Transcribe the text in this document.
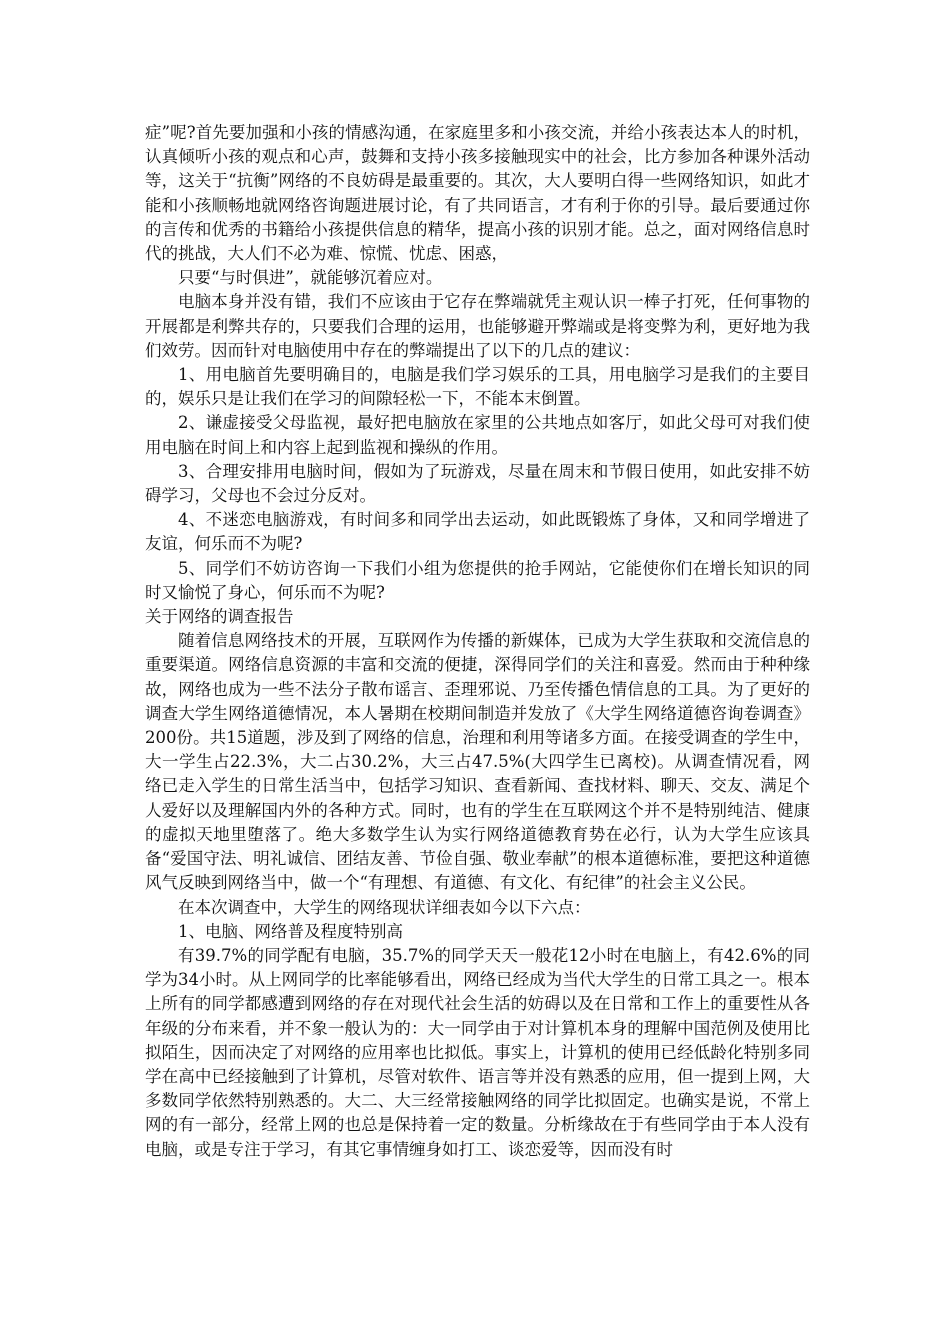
症”呢?首先要加强和小孩的情感沟通，在家庭里多和小孩交流，并给小孩表达本人的时机，认真倾听小孩的观点和心声，鼓舞和支持小孩多接触现实中的社会，比方参加各种课外活动等，这关于“抗衡”网络的不良妨碍是最重要的。其次，大人要明白得一些网络知识，如此才能和小孩顺畅地就网络咨询题进展讨论，有了共同语言，才有利于你的引导。最后要通过你的言传和优秀的书籍给小孩提供信息的精华，提高小孩的识别才能。总之，面对网络信息时代的挑战，大人们不必为难、惊慌、忧虑、困惑，

只要“与时俱进”，就能够沉着应对。

电脑本身并没有错，我们不应该由于它存在弊端就凭主观认识一棒子打死，任何事物的开展都是利弊共存的，只要我们合理的运用，也能够避开弊端或是将变弊为利，更好地为我们效劳。因而针对电脑使用中存在的弊端提出了以下的几点的建议：

1、用电脑首先要明确目的，电脑是我们学习娱乐的工具，用电脑学习是我们的主要目的，娱乐只是让我们在学习的间隙轻松一下，不能本末倒置。

2、谦虚接受父母监视，最好把电脑放在家里的公共地点如客厅，如此父母可对我们使用电脑在时间上和内容上起到监视和操纵的作用。

3、合理安排用电脑时间，假如为了玩游戏，尽量在周末和节假日使用，如此安排不妨碍学习，父母也不会过分反对。

4、不迷恋电脑游戏，有时间多和同学出去运动，如此既锻炼了身体，又和同学增进了友谊，何乐而不为呢?

5、同学们不妨访咨询一下我们小组为您提供的抢手网站，它能使你们在增长知识的同时又愉悦了身心，何乐而不为呢?

关于网络的调查报告

随着信息网络技术的开展，互联网作为传播的新媒体，已成为大学生获取和交流信息的重要渠道。网络信息资源的丰富和交流的便捷，深得同学们的关注和喜爱。然而由于种种缘故，网络也成为一些不法分子散布谣言、歪理邪说、乃至传播色情信息的工具。为了更好的调查大学生网络道德情况，本人暑期在校期间制造并发放了《大学生网络道德咨询卷调查》200份。共15道题，涉及到了网络的信息，治理和利用等诸多方面。在接受调查的学生中，大一学生占22.3%，大二占30.2%，大三占47.5%(大四学生已离校)。从调查情况看，网络已走入学生的日常生活当中，包括学习知识、查看新闻、查找材料、聊天、交友、满足个人爱好以及理解国内外的各种方式。同时，也有的学生在互联网这个并不是特别纯洁、健康的虚拟天地里堕落了。绝大多数学生认为实行网络道德教育势在必行，认为大学生应该具备“爱国守法、明礼诚信、团结友善、节俭自强、敬业奉献”的根本道德标准，要把这种道德风气反映到网络当中，做一个“有理想、有道德、有文化、有纪律”的社会主义公民。

在本次调查中，大学生的网络现状详细表如今以下六点：

1、电脑、网络普及程度特别高

有39.7%的同学配有电脑，35.7%的同学天天一般花12小时在电脑上，有42.6%的同学为34小时。从上网同学的比率能够看出，网络已经成为当代大学生的日常工具之一。根本上所有的同学都感遭到网络的存在对现代社会生活的妨碍以及在日常和工作上的重要性从各年级的分布来看，并不象一般认为的：大一同学由于对计算机本身的理解中国范例及使用比拟陌生，因而决定了对网络的应用率也比拟低。事实上，计算机的使用已经低龄化特别多同学在高中已经接触到了计算机，尽管对软件、语言等并没有熟悉的应用，但一提到上网，大多数同学依然特别熟悉的。大二、大三经常接触网络的同学比拟固定。也确实是说，不常上网的有一部分，经常上网的也总是保持着一定的数量。分析缘故在于有些同学由于本人没有电脑，或是专注于学习，有其它事情缠身如打工、谈恋爱等，因而没有时
